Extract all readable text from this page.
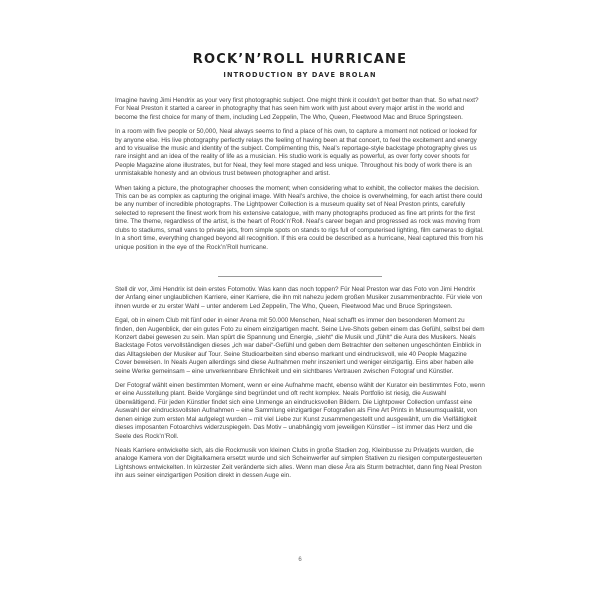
ROCK’N’ROLL HURRICANE
INTRODUCTION BY DAVE BROLAN

Imagine having Jimi Hendrix as your very first photographic subject. One might think it couldn’t get better than that. So what next? For Neal Preston it started a career in photography that has seen him work with just about every major artist in the world and become the first choice for many of them, including Led Zeppelin, The Who, Queen, Fleetwood Mac and Bruce Springsteen.

In a room with five people or 50,000, Neal always seems to find a place of his own, to capture a moment not noticed or looked for by anyone else. His live photography perfectly relays the feeling of having been at that concert, to feel the excitement and energy and to visualise the music and identity of the subject. Complimenting this, Neal’s reportage-style backstage photography gives us rare insight and an idea of the reality of life as a musician. His studio work is equally as powerful, as over forty cover shoots for People Magazine alone illustrates, but for Neal, they feel more staged and less unique. Throughout his body of work there is an unmistakable honesty and an obvious trust between photographer and artist.

When taking a picture, the photographer chooses the moment; when considering what to exhibit, the collector makes the decision. This can be as complex as capturing the original image. With Neal’s archive, the choice is overwhelming, for each artist there could be any number of incredible photographs. The Lightpower Collection is a museum quality set of Neal Preston prints, carefully selected to represent the finest work from his extensive catalogue, with many photographs produced as fine art prints for the first time. The theme, regardless of the artist, is the heart of Rock’n’Roll. Neal’s career began and progressed as rock was moving from clubs to stadiums, small vans to private jets, from simple spots on stands to rigs full of computerised lighting, film cameras to digital. In a short time, everything changed beyond all recognition. If this era could be described as a hurricane, Neal captured this from his unique position in the eye of the Rock’n’Roll hurricane.

Stell dir vor, Jimi Hendrix ist dein erstes Fotomotiv. Was kann das noch toppen? Für Neal Preston war das Foto von Jimi Hendrix der Anfang einer unglaublichen Karriere, einer Karriere, die ihn mit nahezu jedem großen Musiker zusammenbrachte. Für viele von ihnen wurde er zu erster Wahl – unter anderem Led Zeppelin, The Who, Queen, Fleetwood Mac und Bruce Springsteen.

Egal, ob in einem Club mit fünf oder in einer Arena mit 50.000 Menschen, Neal schafft es immer den besonderen Moment zu finden, den Augenblick, der ein gutes Foto zu einem einzigartigen macht. Seine Live-Shots geben einem das Gefühl, selbst bei dem Konzert dabei gewesen zu sein. Man spürt die Spannung und Energie, „sieht“ die Musik und „fühlt“ die Aura des Musikers. Neals Backstage Fotos vervollständigen dieses „ich war dabei“-Gefühl und geben dem Betrachter den seltenen ungeschönten Einblick in das Alltagsleben der Musiker auf Tour. Seine Studioarbeiten sind ebenso markant und eindrucksvoll, wie 40 People Magazine Cover beweisen. In Neals Augen allerdings sind diese Aufnahmen mehr inszeniert und weniger einzigartig. Eins aber haben alle seine Werke gemeinsam – eine unverkennbare Ehrlichkeit und ein sichtbares Vertrauen zwischen Fotograf und Künstler.

Der Fotograf wählt einen bestimmten Moment, wenn er eine Aufnahme macht, ebenso wählt der Kurator ein bestimmtes Foto, wenn er eine Ausstellung plant. Beide Vorgänge sind begründet und oft recht komplex. Neals Portfolio ist riesig, die Auswahl überwältigend. Für jeden Künstler findet sich eine Unmenge an eindrucksvollen Bildern. Die Lightpower Collection umfasst eine Auswahl der eindrucksvollsten Aufnahmen – eine Sammlung einzigartiger Fotografien als Fine Art Prints in Museumsqualität, von denen einige zum ersten Mal aufgelegt wurden – mit viel Liebe zur Kunst zusammengestellt und ausgewählt, um die Vielfältigkeit dieses imposanten Fotoarchivs widerzuspiegeln. Das Motiv – unabhängig vom jeweiligen Künstler – ist immer das Herz und die Seele des Rock’n’Roll.

Neals Karriere entwickelte sich, als die Rockmusik von kleinen Clubs in große Stadien zog, Kleinbusse zu Privatjets wurden, die analoge Kamera von der Digitalkamera ersetzt wurde und sich Scheinwerfer auf simplen Stativen zu riesigen computergesteuerten Lightshows entwickelten. In kürzester Zeit veränderte sich alles. Wenn man diese Ära als Sturm betrachtet, dann fing Neal Preston ihn aus seiner einzigartigen Position direkt in dessen Auge ein.

6
